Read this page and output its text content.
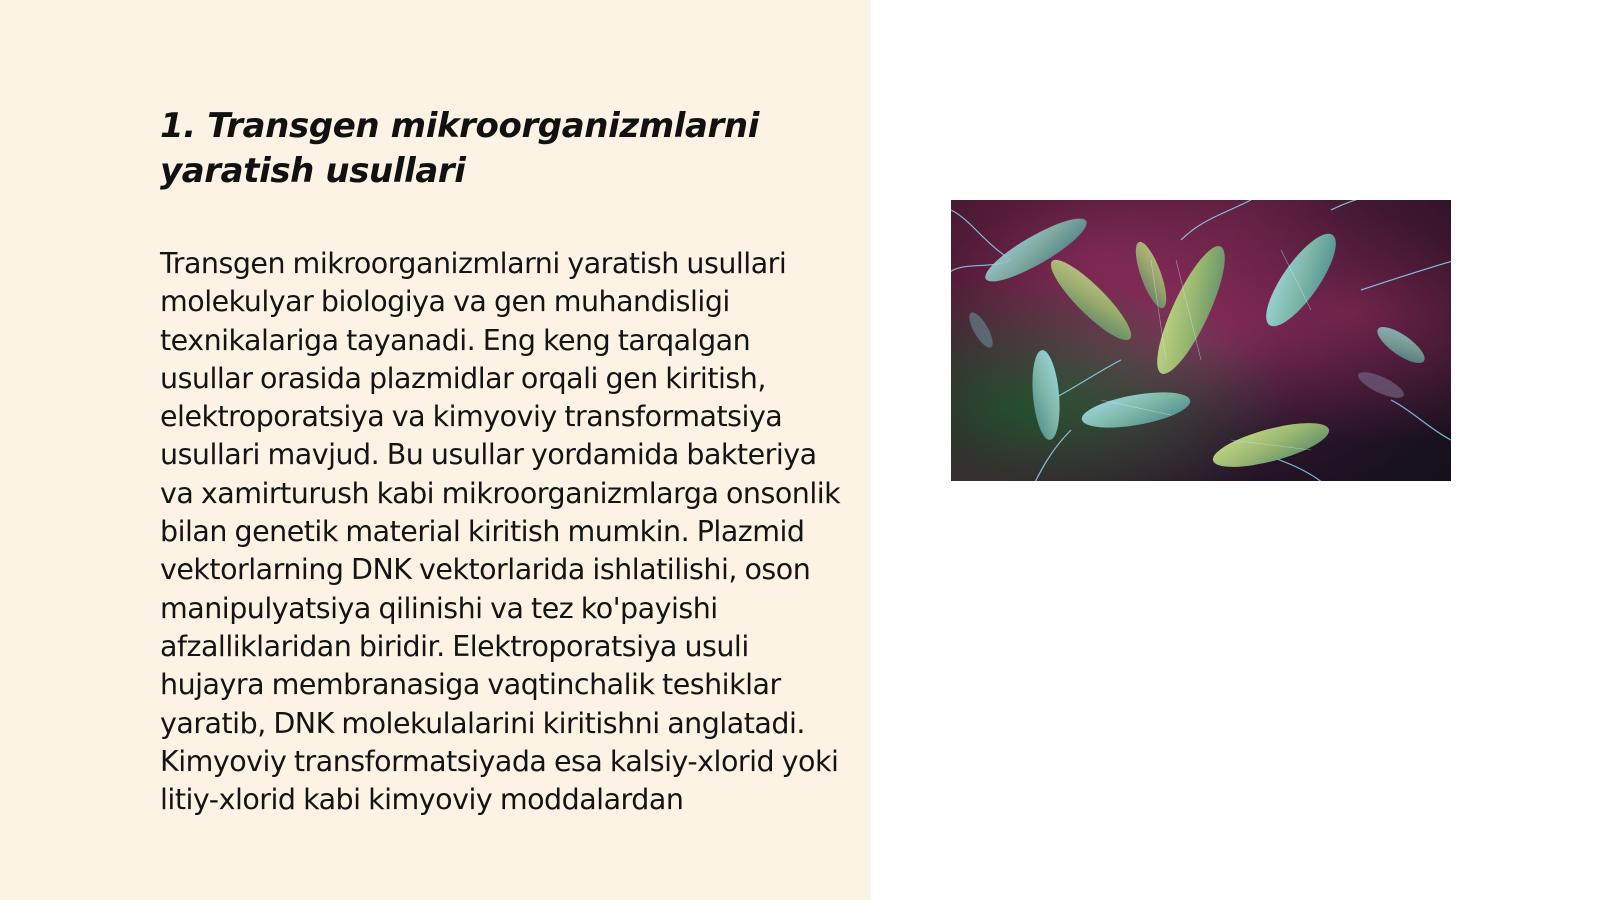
1. Transgen mikroorganizmlarni yaratish usullari

Transgen mikroorganizmlarni yaratish usullari molekulyar biologiya va gen muhandisligi texnikalariga tayanadi. Eng keng tarqalgan usullar orasida plazmidlar orqali gen kiritish, elektroporatsiya va kimyoviy transformatsiya usullari mavjud. Bu usullar yordamida bakteriya va xamirturush kabi mikroorganizmlarga onsonlik bilan genetik material kiritish mumkin. Plazmid vektorlarning DNK vektorlarida ishlatilishi, oson manipulyatsiya qilinishi va tez ko'payishi afzalliklaridan biridir. Elektroporatsiya usuli hujayra membranasiga vaqtinchalik teshiklar yaratib, DNK molekulalarini kiritishni anglatadi. Kimyoviy transformatsiyada esa kalsiy-xlorid yoki litiy-xlorid kabi kimyoviy moddalardan
